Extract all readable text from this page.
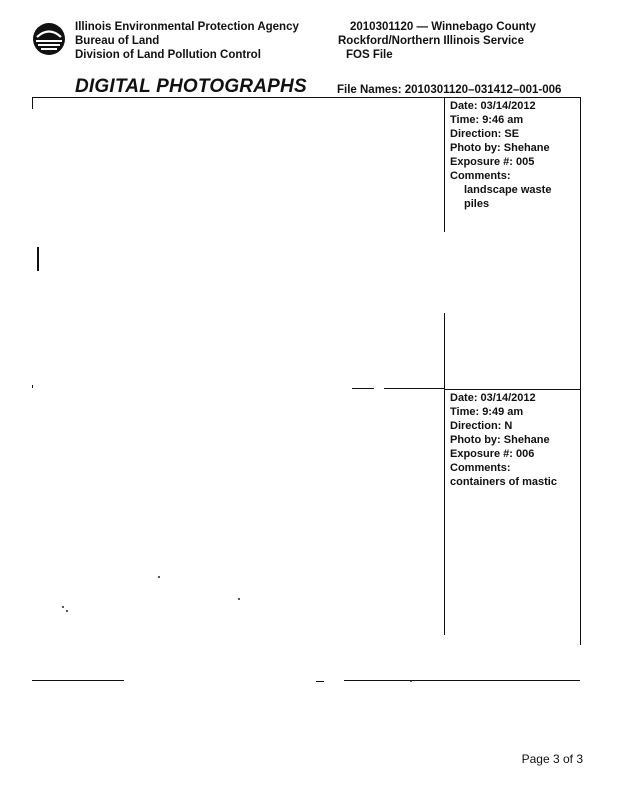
Illinois Environmental Protection Agency
Bureau of Land
Division of Land Pollution Control
2010301120 — Winnebago County
Rockford/Northern Illinois Service
FOS File
DIGITAL PHOTOGRAPHS	File Names: 2010301120–031412–001-006
Date: 03/14/2012
Time: 9:46 am
Direction: SE
Photo by: Shehane
Exposure #: 005
Comments:
landscape waste
piles
Date: 03/14/2012
Time: 9:49 am
Direction: N
Photo by: Shehane
Exposure #: 006
Comments:
containers of mastic
Page 3 of 3
